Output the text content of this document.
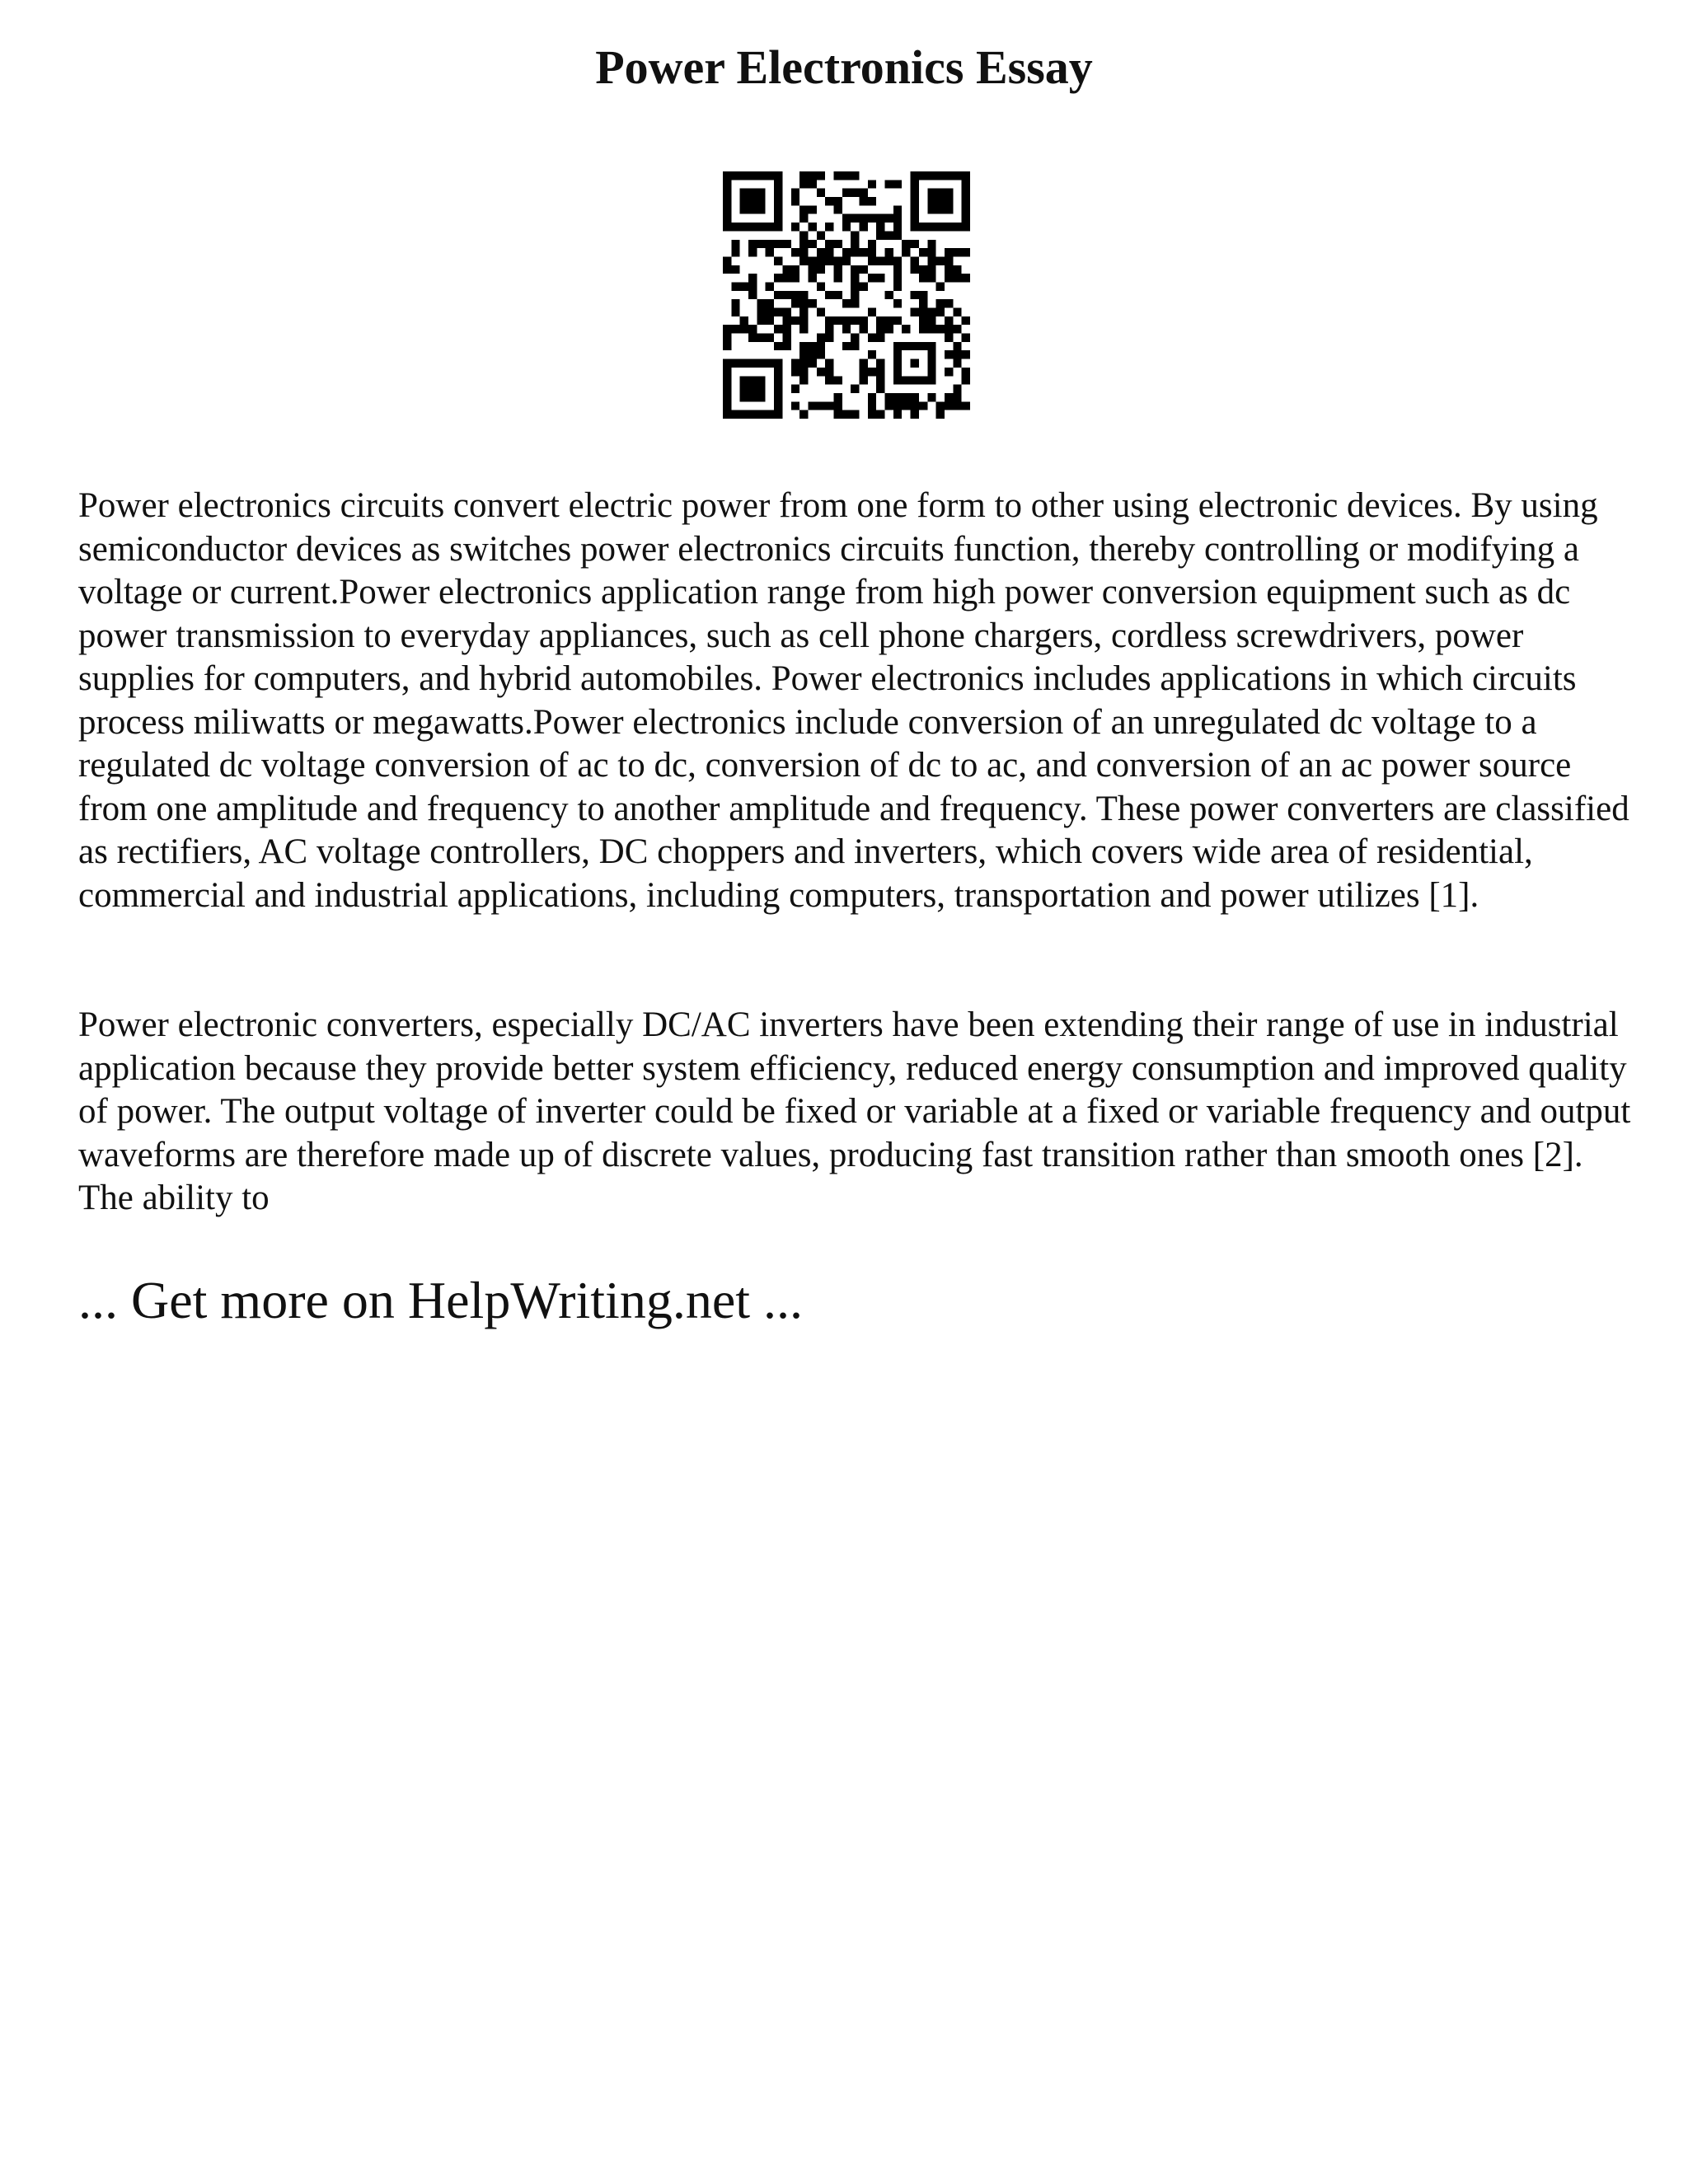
Power Electronics Essay

Power electronics circuits convert electric power from one form to other using electronic devices. By using semiconductor devices as switches power electronics circuits function, thereby controlling or modifying a voltage or current.Power electronics application range from high power conversion equipment such as dc power transmission to everyday appliances, such as cell phone chargers, cordless screwdrivers, power supplies for computers, and hybrid automobiles. Power electronics includes applications in which circuits process miliwatts or megawatts.Power electronics include conversion of an unregulated dc voltage to a regulated dc voltage conversion of ac to dc, conversion of dc to ac, and conversion of an ac power source from one amplitude and frequency to another amplitude and frequency. These power converters are classified as rectifiers, AC voltage controllers, DC choppers and inverters, which covers wide area of residential, commercial and industrial applications, including computers, transportation and power utilizes [1].

Power electronic converters, especially DC/AC inverters have been extending their range of use in industrial application because they provide better system efficiency, reduced energy consumption and improved quality of power. The output voltage of inverter could be fixed or variable at a fixed or variable frequency and output waveforms are therefore made up of discrete values, producing fast transition rather than smooth ones [2]. The ability to

... Get more on HelpWriting.net ...
